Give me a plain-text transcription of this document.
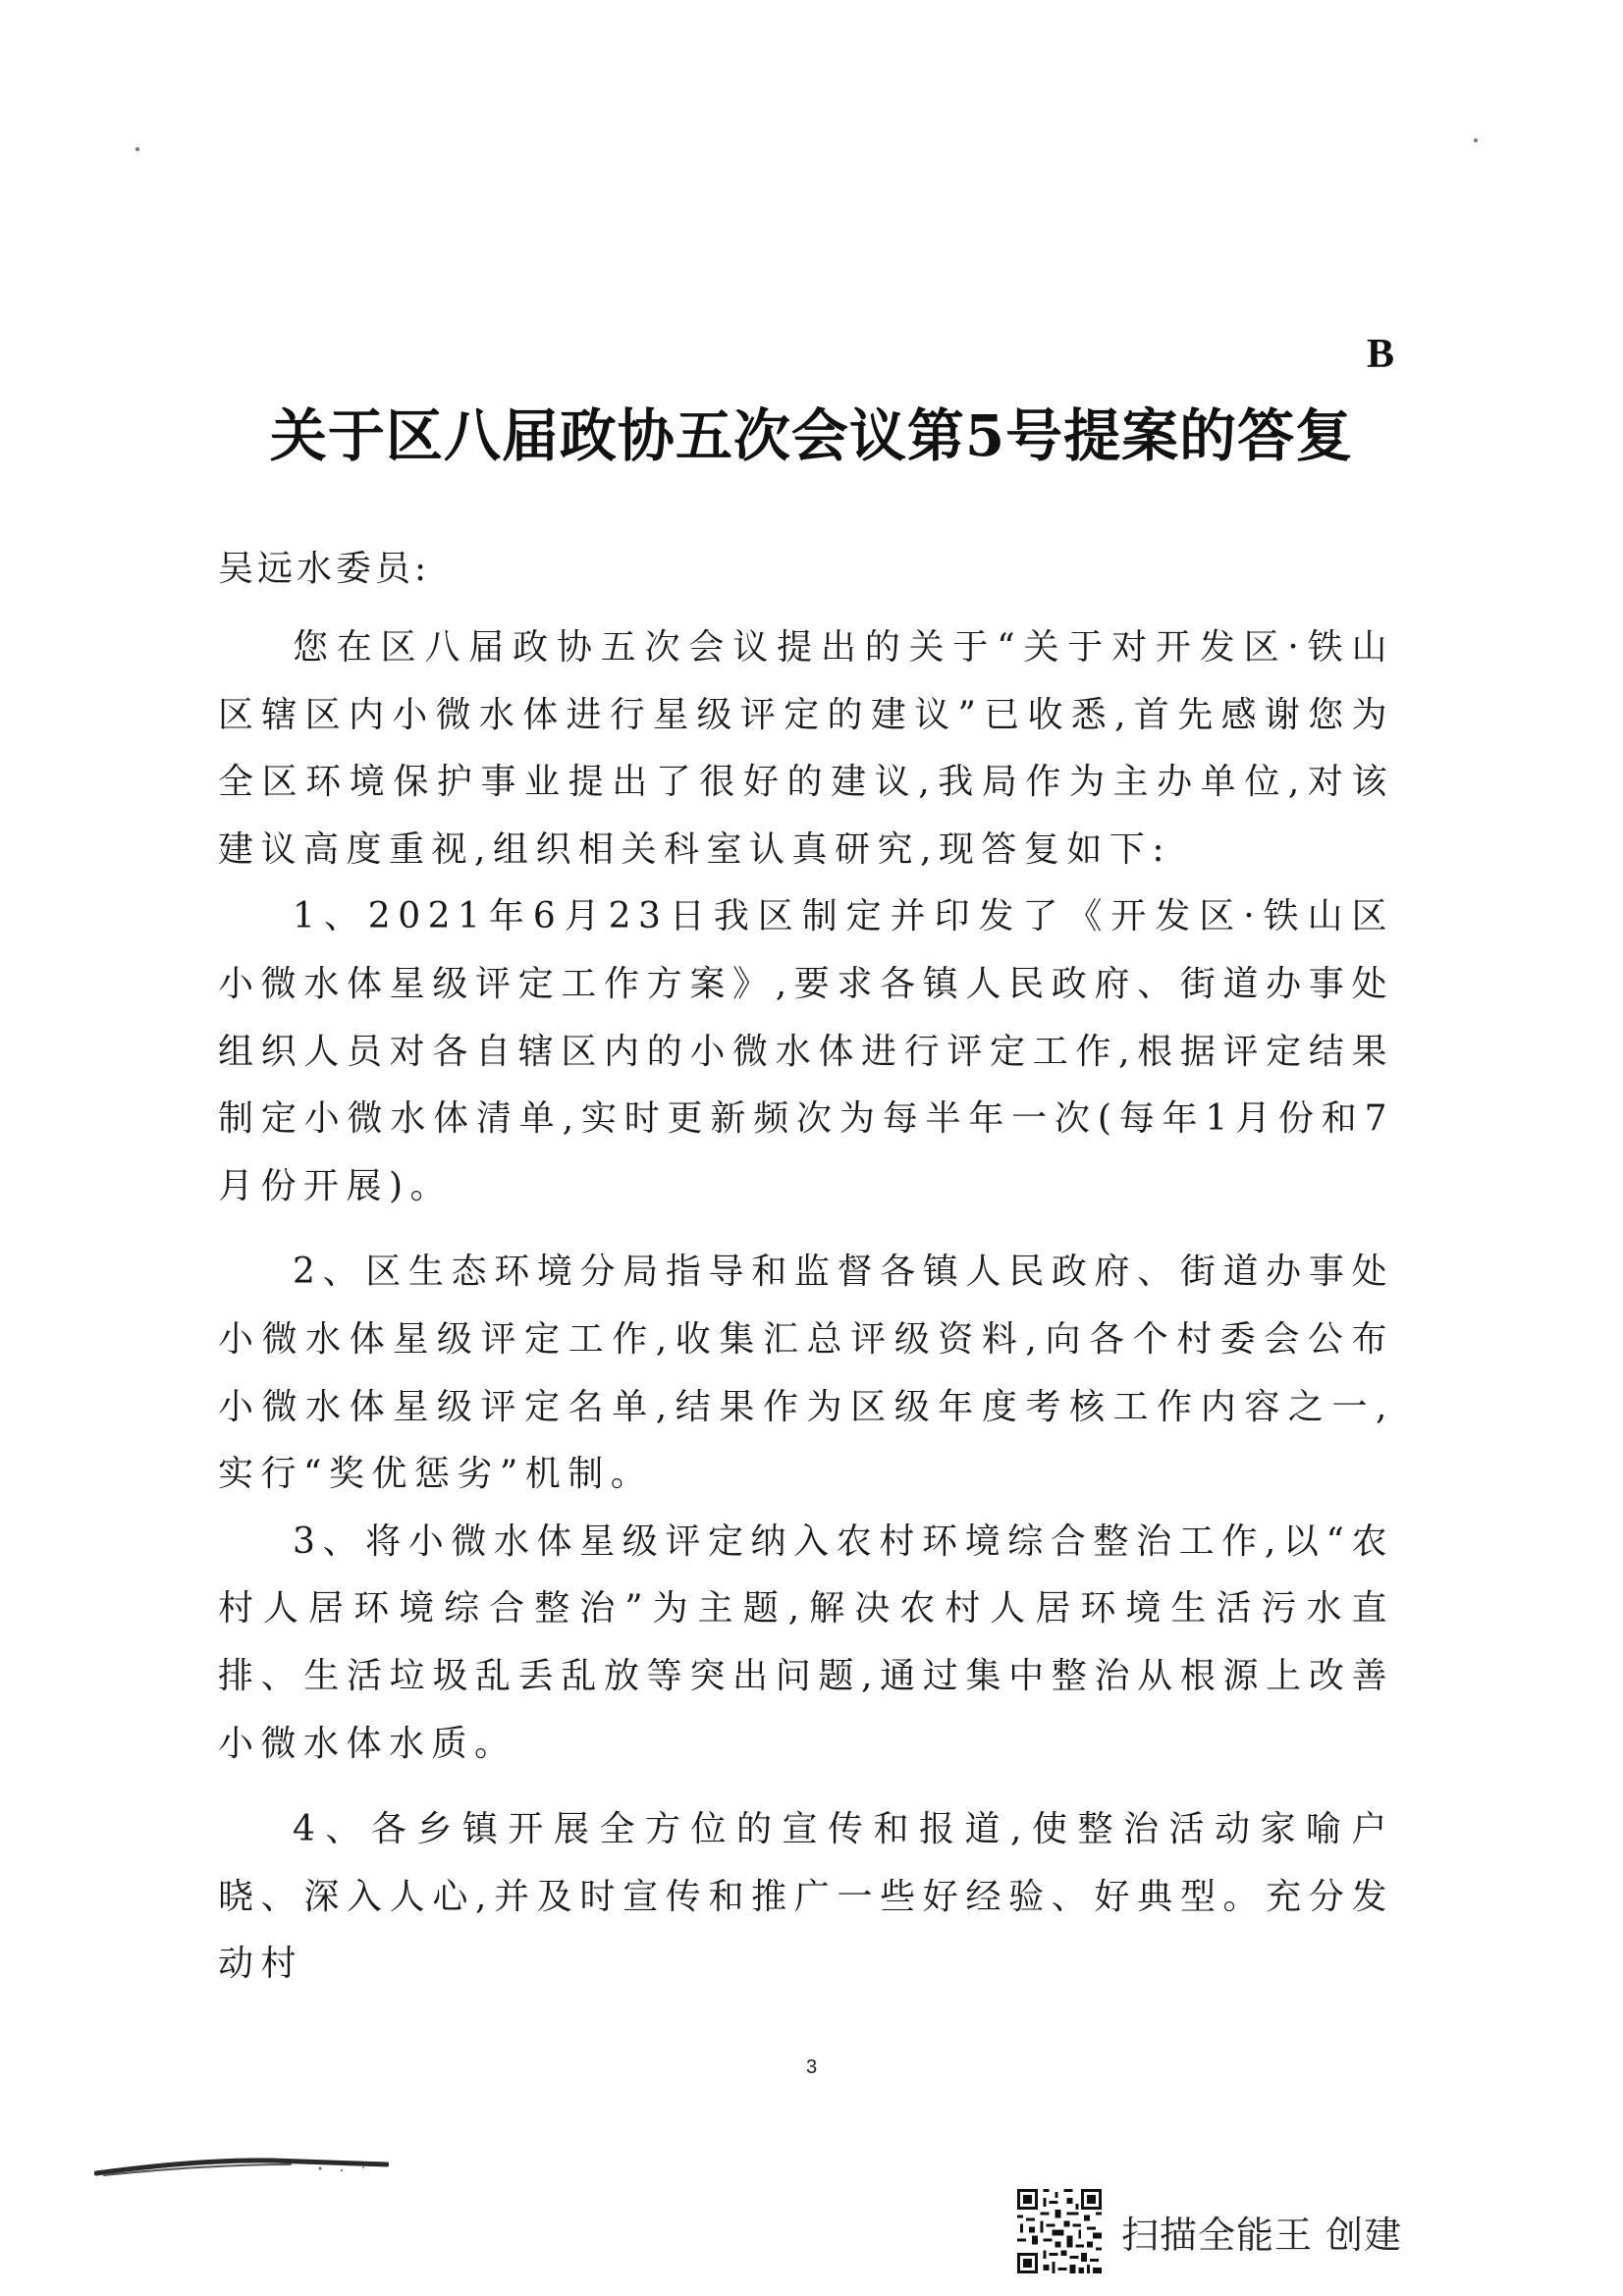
B
关于区八届政协五次会议第5号提案的答复
吴远水委员:

您在区八届政协五次会议提出的关于“关于对开发区·铁山区辖区内小微水体进行星级评定的建议”已收悉,首先感谢您为全区环境保护事业提出了很好的建议,我局作为主办单位,对该建议高度重视,组织相关科室认真研究,现答复如下:

1、2021年6月23日我区制定并印发了《开发区·铁山区小微水体星级评定工作方案》,要求各镇人民政府、街道办事处组织人员对各自辖区内的小微水体进行评定工作,根据评定结果制定小微水体清单,实时更新频次为每半年一次(每年1月份和7月份开展)。

2、区生态环境分局指导和监督各镇人民政府、街道办事处小微水体星级评定工作,收集汇总评级资料,向各个村委会公布小微水体星级评定名单,结果作为区级年度考核工作内容之一,实行“奖优惩劣”机制。

3、将小微水体星级评定纳入农村环境综合整治工作,以“农村人居环境综合整治”为主题,解决农村人居环境生活污水直排、生活垃圾乱丢乱放等突出问题,通过集中整治从根源上改善小微水体水质。

4、各乡镇开展全方位的宣传和报道,使整治活动家喻户晓、深入人心,并及时宣传和推广一些好经验、好典型。充分发动村

3
扫描全能王 创建
